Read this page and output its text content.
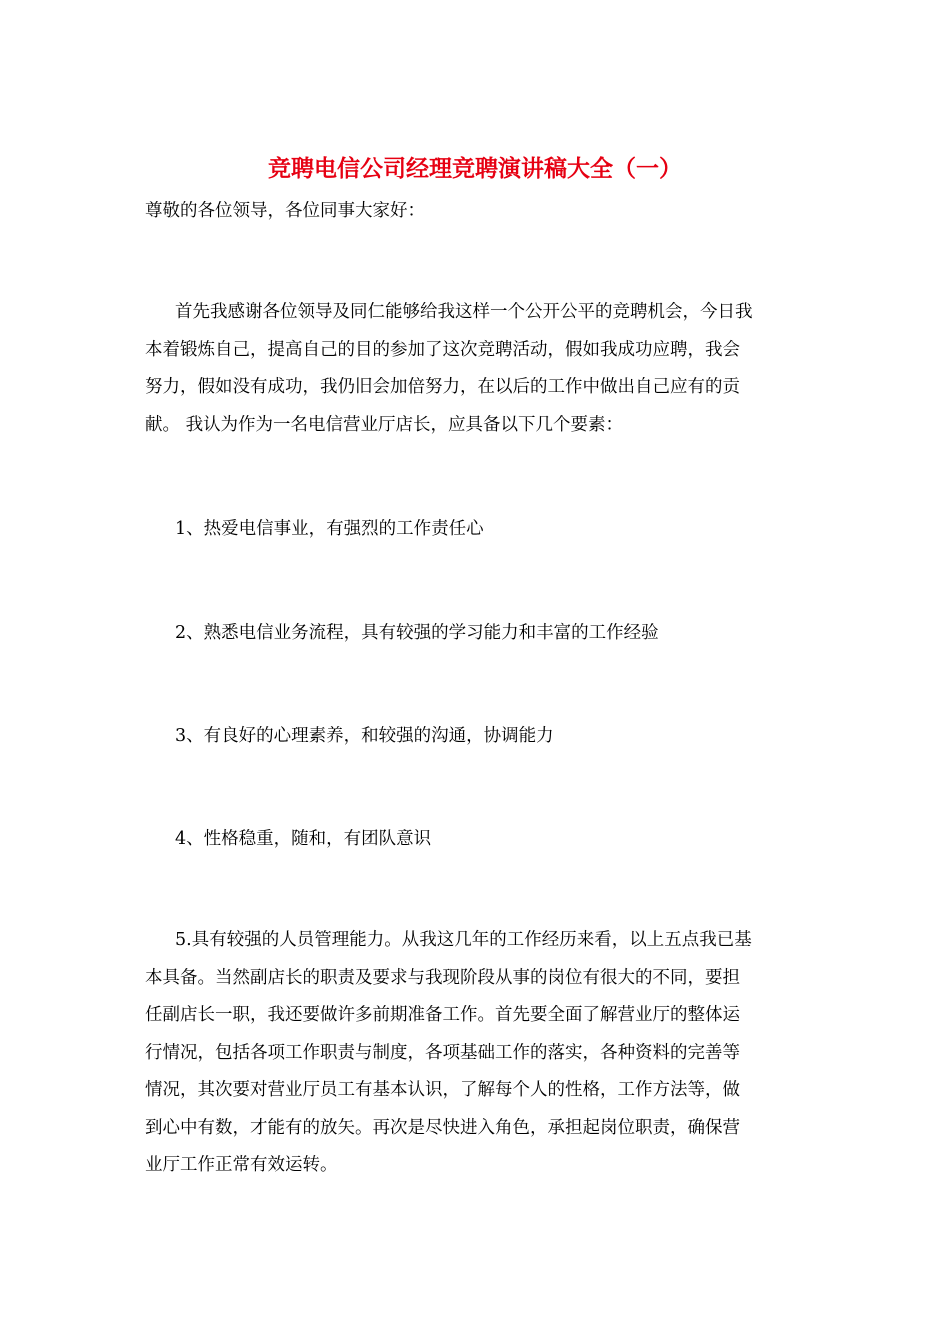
竞聘电信公司经理竞聘演讲稿大全（一）
尊敬的各位领导，各位同事大家好：
首先我感谢各位领导及同仁能够给我这样一个公开公平的竞聘机会，今日我
本着锻炼自己，提高自己的目的参加了这次竞聘活动，假如我成功应聘，我会
努力，假如没有成功，我仍旧会加倍努力，在以后的工作中做出自己应有的贡
献。 我认为作为一名电信营业厅店长，应具备以下几个要素：
1、热爱电信事业，有强烈的工作责任心
2、熟悉电信业务流程，具有较强的学习能力和丰富的工作经验
3、有良好的心理素养，和较强的沟通，协调能力
4、性格稳重，随和，有团队意识
5.具有较强的人员管理能力。从我这几年的工作经历来看，以上五点我已基
本具备。当然副店长的职责及要求与我现阶段从事的岗位有很大的不同，要担
任副店长一职，我还要做许多前期准备工作。首先要全面了解营业厅的整体运
行情况，包括各项工作职责与制度，各项基础工作的落实，各种资料的完善等
情况，其次要对营业厅员工有基本认识，了解每个人的性格，工作方法等，做
到心中有数，才能有的放矢。再次是尽快进入角色，承担起岗位职责，确保营
业厅工作正常有效运转。
